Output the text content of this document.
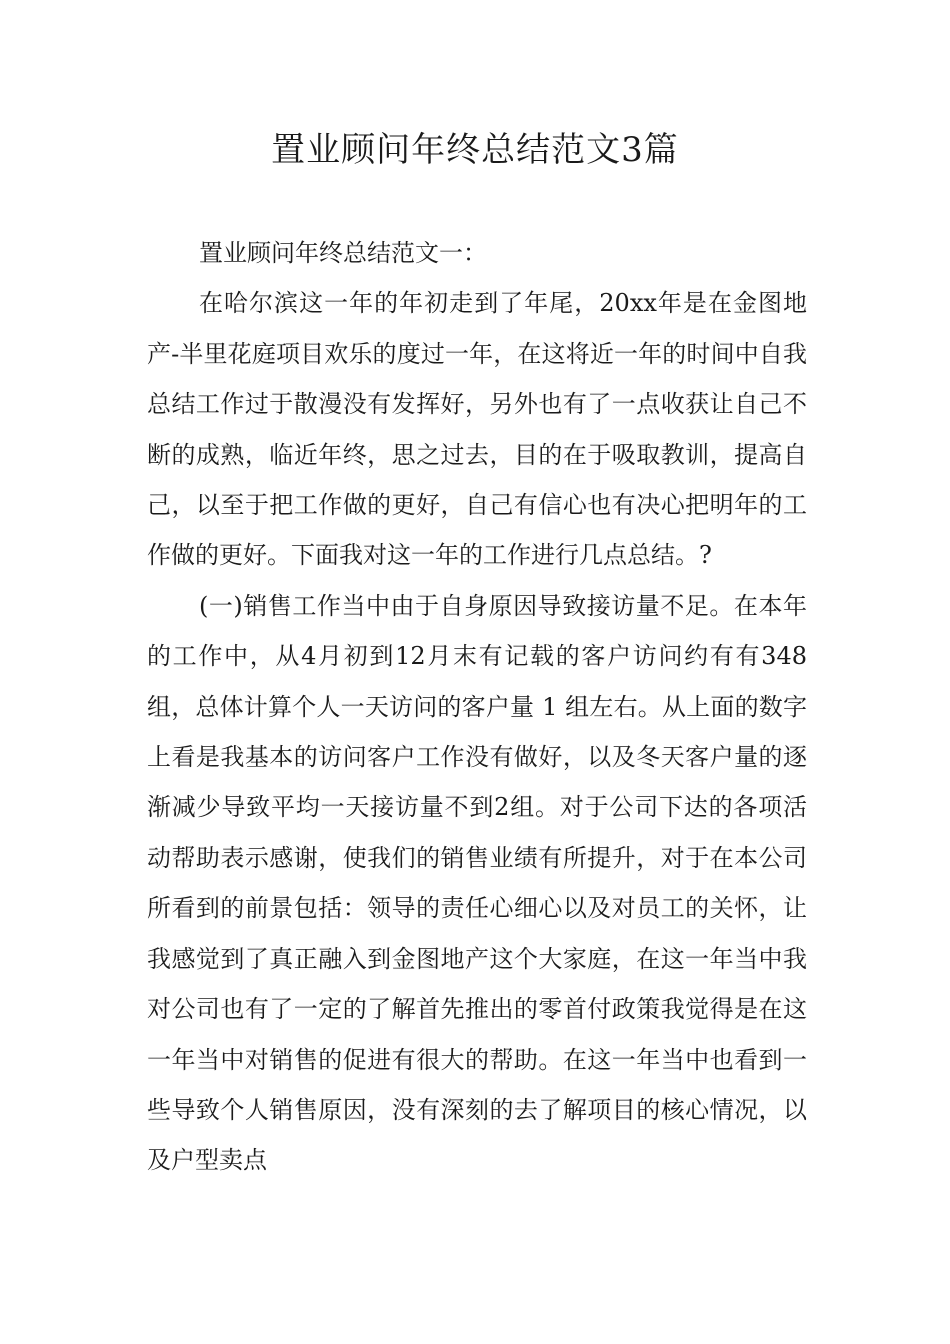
置业顾问年终总结范文3篇

置业顾问年终总结范文一：

在哈尔滨这一年的年初走到了年尾，20xx年是在金图地产-半里花庭项目欢乐的度过一年，在这将近一年的时间中自我总结工作过于散漫没有发挥好，另外也有了一点收获让自己不断的成熟，临近年终，思之过去，目的在于吸取教训，提高自己，以至于把工作做的更好，自己有信心也有决心把明年的工作做的更好。下面我对这一年的工作进行几点总结。?

(一)销售工作当中由于自身原因导致接访量不足。在本年的工作中，从4月初到12月末有记载的客户访问约有有348组，总体计算个人一天访问的客户量 1 组左右。从上面的数字上看是我基本的访问客户工作没有做好，以及冬天客户量的逐渐减少导致平均一天接访量不到2组。对于公司下达的各项活动帮助表示感谢，使我们的销售业绩有所提升，对于在本公司所看到的前景包括：领导的责任心细心以及对员工的关怀，让我感觉到了真正融入到金图地产这个大家庭，在这一年当中我对公司也有了一定的了解首先推出的零首付政策我觉得是在这一年当中对销售的促进有很大的帮助。在这一年当中也看到一些导致个人销售原因，没有深刻的去了解项目的核心情况，以及户型卖点
